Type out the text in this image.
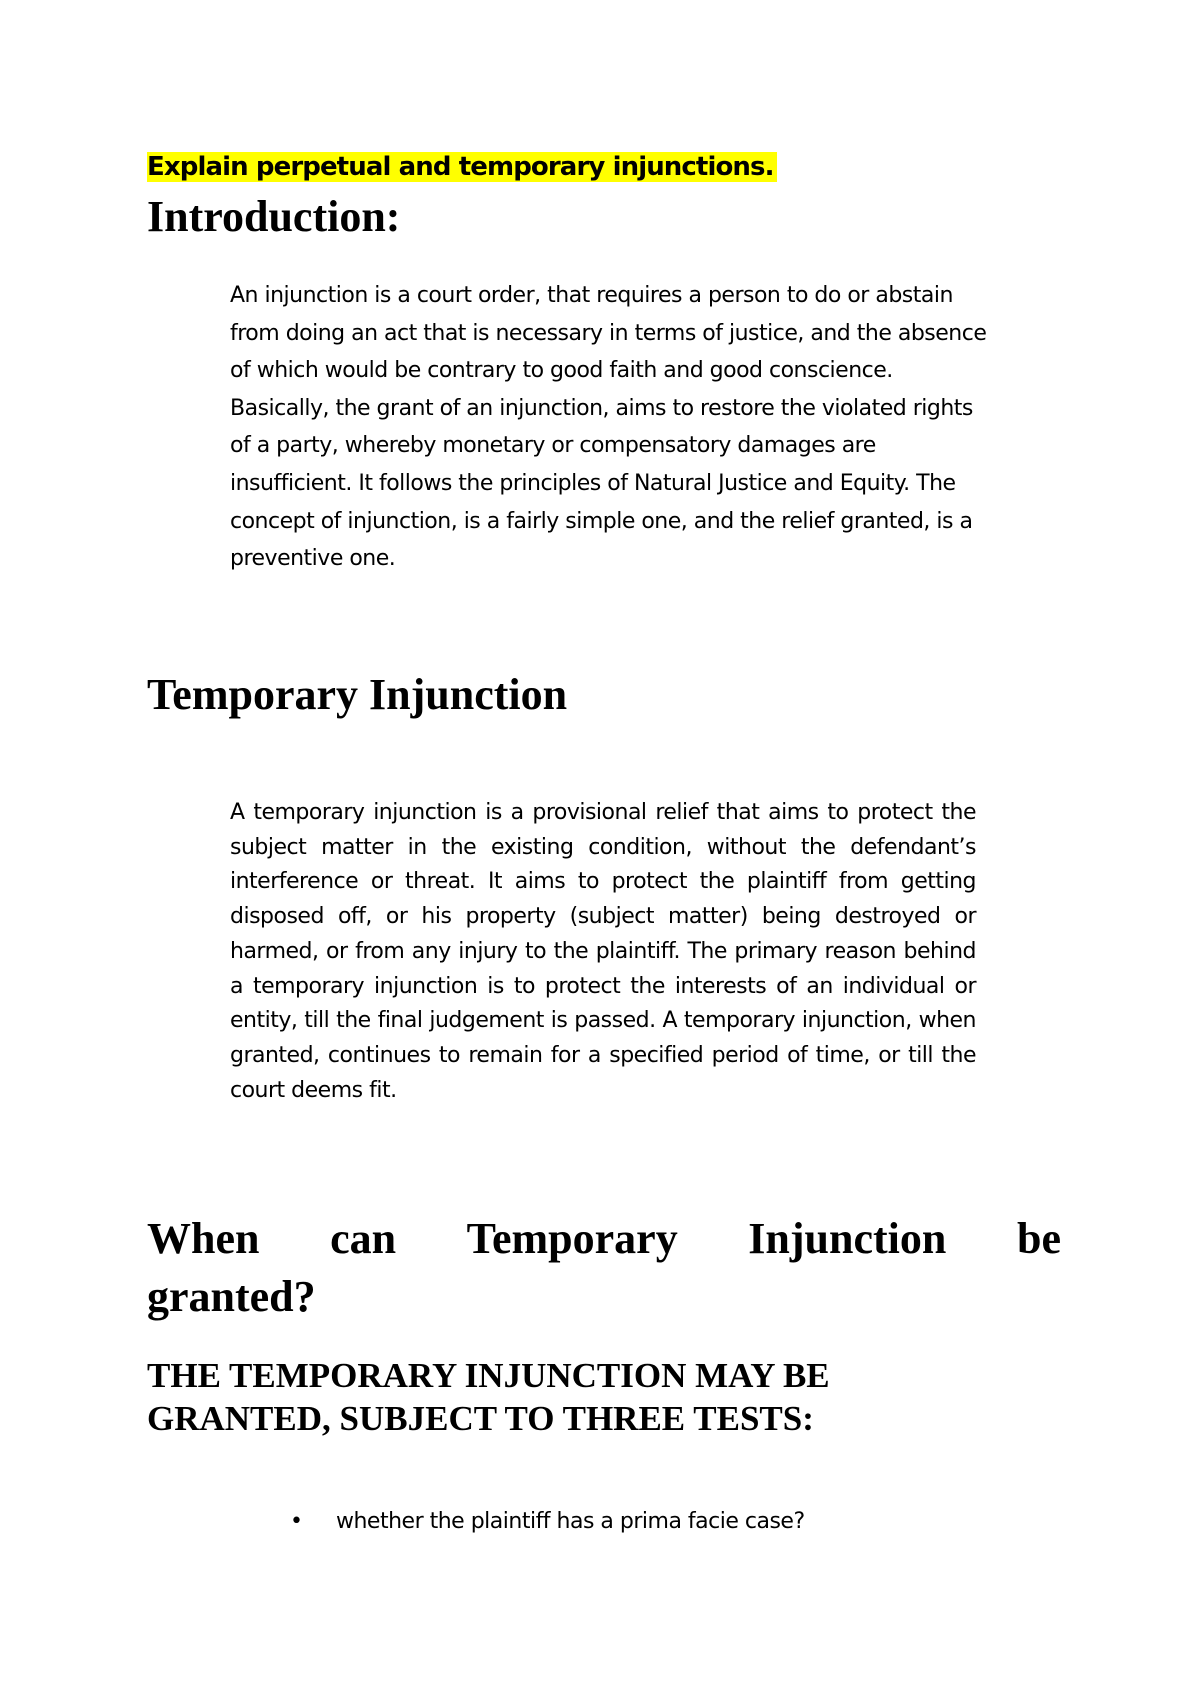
Explain perpetual and temporary injunctions.
Introduction:

An injunction is a court order, that requires a person to do or abstain from doing an act that is necessary in terms of justice, and the absence of which would be contrary to good faith and good conscience. Basically, the grant of an injunction, aims to restore the violated rights of a party, whereby monetary or compensatory damages are insufficient. It follows the principles of Natural Justice and Equity. The concept of injunction, is a fairly simple one, and the relief granted, is a preventive one.

Temporary Injunction

A temporary injunction is a provisional relief that aims to protect the subject matter in the existing condition, without the defendant’s interference or threat. It aims to protect the plaintiff from getting disposed off, or his property (subject matter) being destroyed or harmed, or from any injury to the plaintiff. The primary reason behind a temporary injunction is to protect the interests of an individual or entity, till the final judgement is passed. A temporary injunction, when granted, continues to remain for a specified period of time, or till the court deems fit.

When can Temporary Injunction be
granted?
THE TEMPORARY INJUNCTION MAY BE
GRANTED, SUBJECT TO THREE TESTS:
•	whether the plaintiff has a prima facie case?
